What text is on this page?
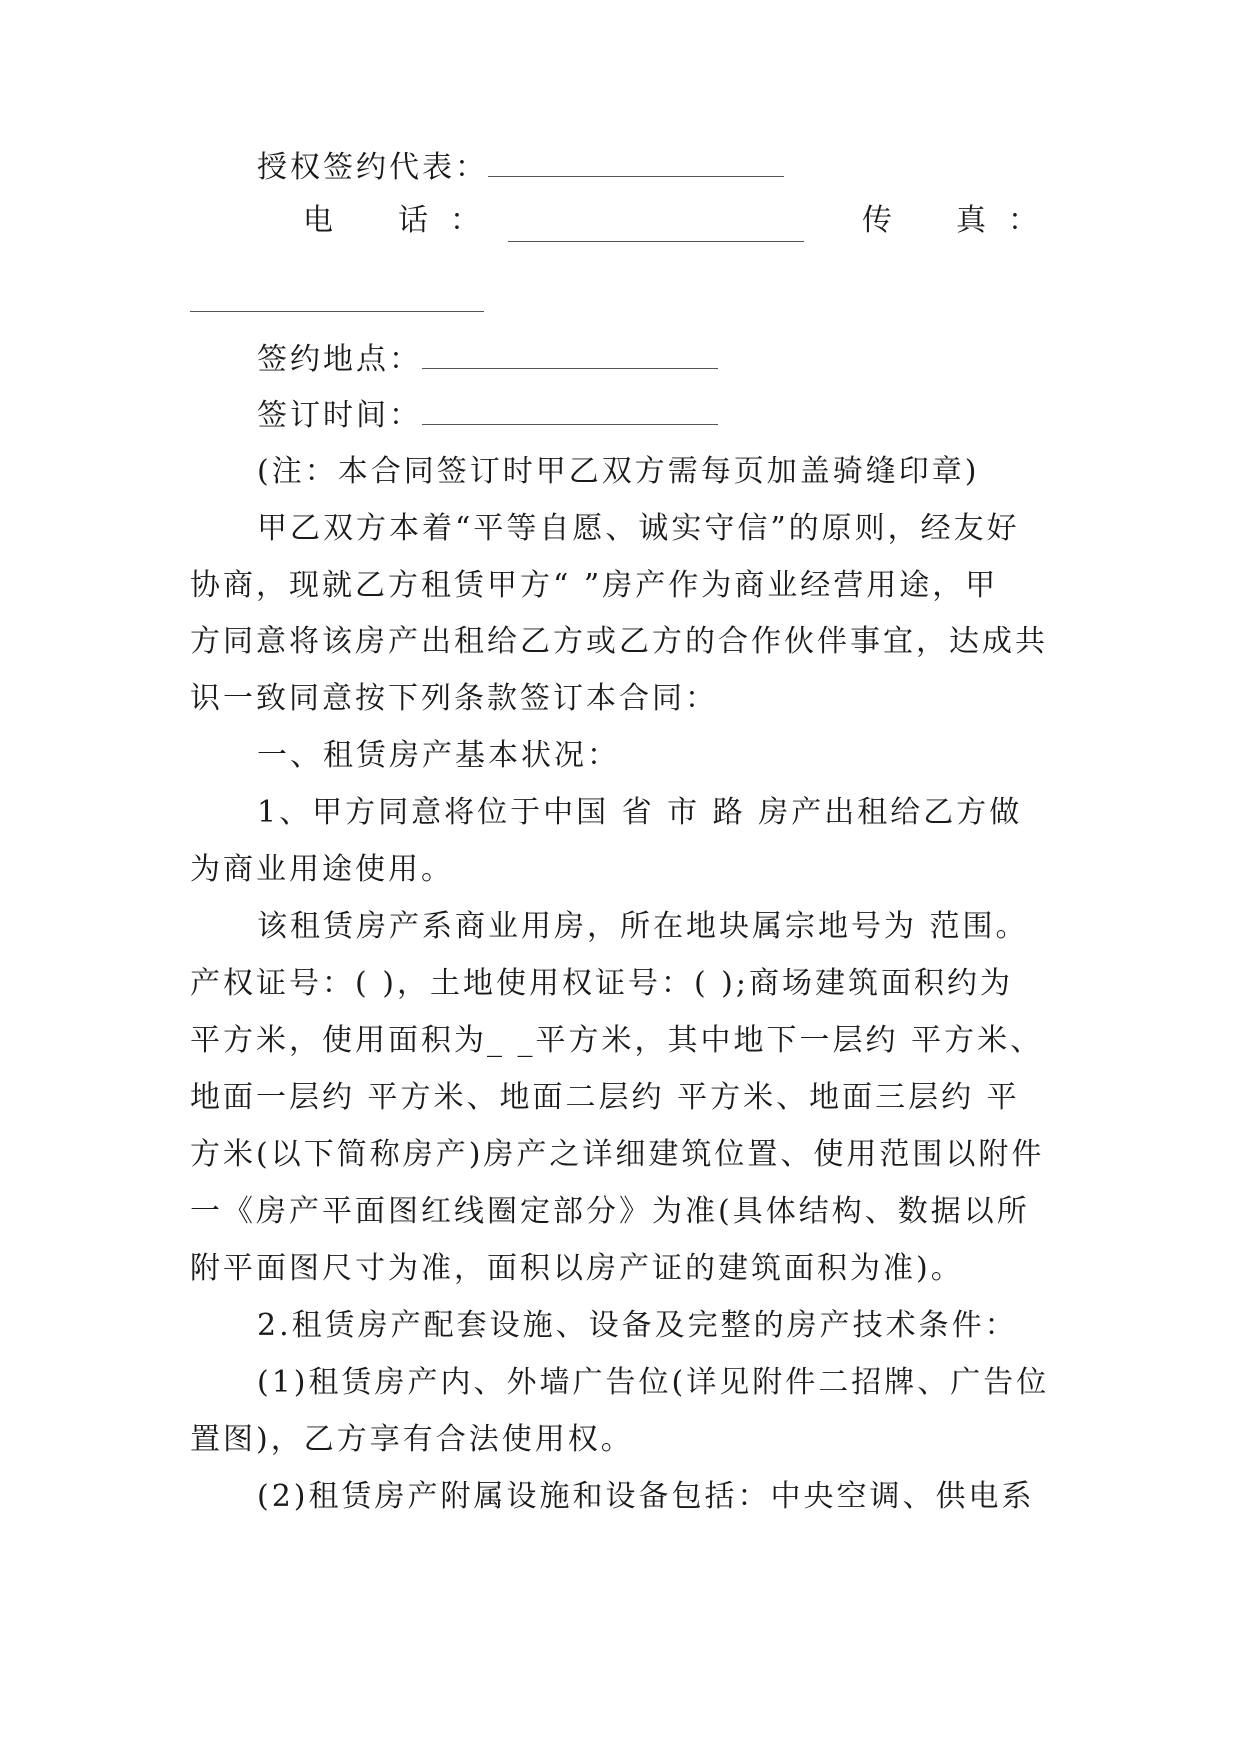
授权签约代表：
电 话 ：	传 真 ：
签约地点：
签订时间：
(注：本合同签订时甲乙双方需每页加盖骑缝印章)
甲乙双方本着“平等自愿、诚实守信”的原则，经友好
协商，现就乙方租赁甲方“ ”房产作为商业经营用途，甲
方同意将该房产出租给乙方或乙方的合作伙伴事宜，达成共
识一致同意按下列条款签订本合同：
一、租赁房产基本状况：
1、甲方同意将位于中国 省 市 路 房产出租给乙方做
为商业用途使用。
该租赁房产系商业用房，所在地块属宗地号为 范围。
产权证号：( )，土地使用权证号：( );商场建筑面积约为
平方米，使用面积为_ _平方米，其中地下一层约 平方米、
地面一层约 平方米、地面二层约 平方米、地面三层约 平
方米(以下简称房产)房产之详细建筑位置、使用范围以附件
一《房产平面图红线圈定部分》为准(具体结构、数据以所
附平面图尺寸为准，面积以房产证的建筑面积为准)。
2.租赁房产配套设施、设备及完整的房产技术条件：
(1)租赁房产内、外墙广告位(详见附件二招牌、广告位
置图)，乙方享有合法使用权。
(2)租赁房产附属设施和设备包括：中央空调、供电系
